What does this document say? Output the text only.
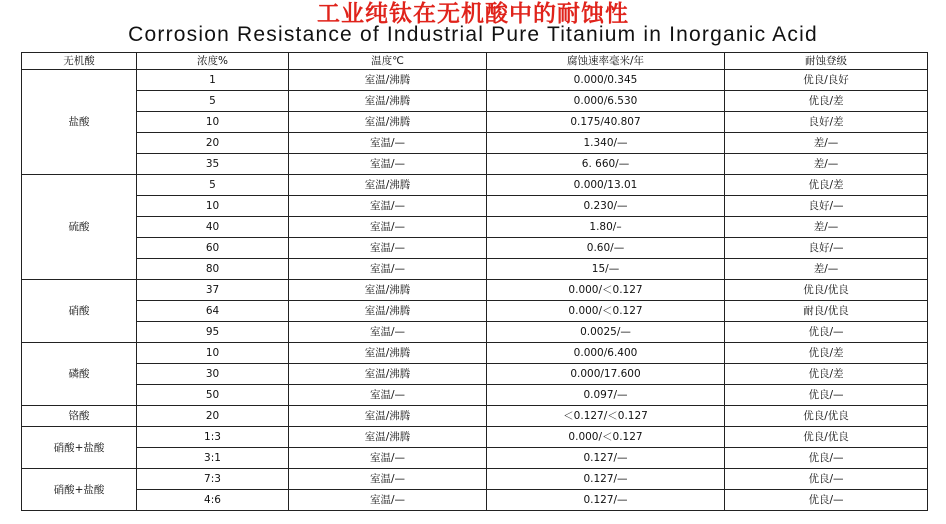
工业纯钛在无机酸中的耐蚀性
Corrosion Resistance of Industrial Pure Titanium in Inorganic Acid
无机酸	浓度%	温度℃	腐蚀速率毫米/年	耐蚀登级
盐酸	1	室温/沸腾	0.000/0.345	优良/良好
	5	室温/沸腾	0.000/6.530	优良/差
	10	室温/沸腾	0.175/40.807	良好/差
	20	室温/—	1.340/—	差/—
	35	室温/—	6. 660/—	差/—
硫酸	5	室温/沸腾	0.000/13.01	优良/差
	10	室温/—	0.230/—	良好/—
	40	室温/—	1.80/–	差/—
	60	室温/—	0.60/—	良好/—
	80	室温/—	15/—	差/—
硝酸	37	室温/沸腾	0.000/＜0.127	优良/优良
	64	室温/沸腾	0.000/＜0.127	耐良/优良
	95	室温/—	0.0025/—	优良/—
磷酸	10	室温/沸腾	0.000/6.400	优良/差
	30	室温/沸腾	0.000/17.600	优良/差
	50	室温/—	0.097/—	优良/—
铬酸	20	室温/沸腾	＜0.127/＜0.127	优良/优良
硝酸+盐酸	1:3	室温/沸腾	0.000/＜0.127	优良/优良
	3:1	室温/—	0.127/—	优良/—
硝酸+盐酸	7:3	室温/—	0.127/—	优良/—
	4:6	室温/—	0.127/—	优良/—
